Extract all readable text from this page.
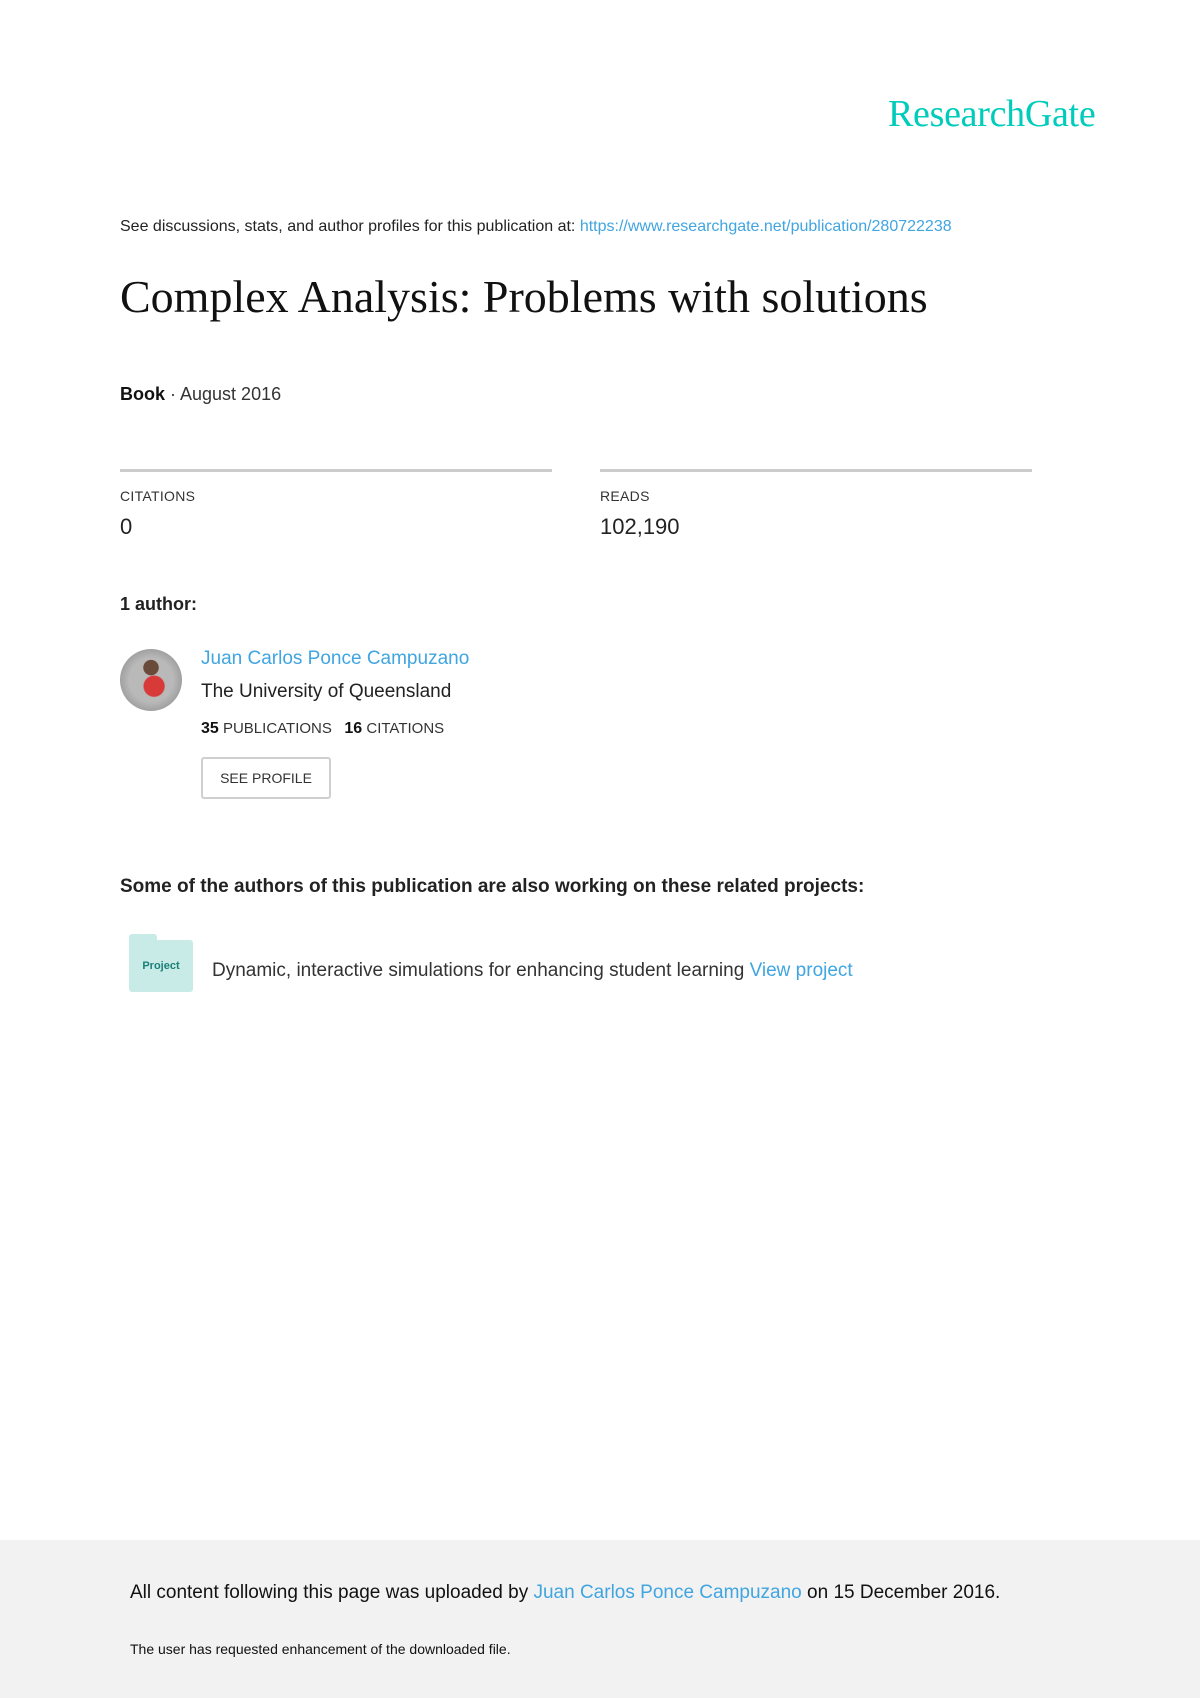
ResearchGate
See discussions, stats, and author profiles for this publication at: https://www.researchgate.net/publication/280722238
Complex Analysis: Problems with solutions
Book · August 2016
CITATIONS
0
READS
102,190
1 author:
Juan Carlos Ponce Campuzano
The University of Queensland
35 PUBLICATIONS 16 CITATIONS
SEE PROFILE
Some of the authors of this publication are also working on these related projects:
Project	Dynamic, interactive simulations for enhancing student learning View project
All content following this page was uploaded by Juan Carlos Ponce Campuzano on 15 December 2016.
The user has requested enhancement of the downloaded file.
